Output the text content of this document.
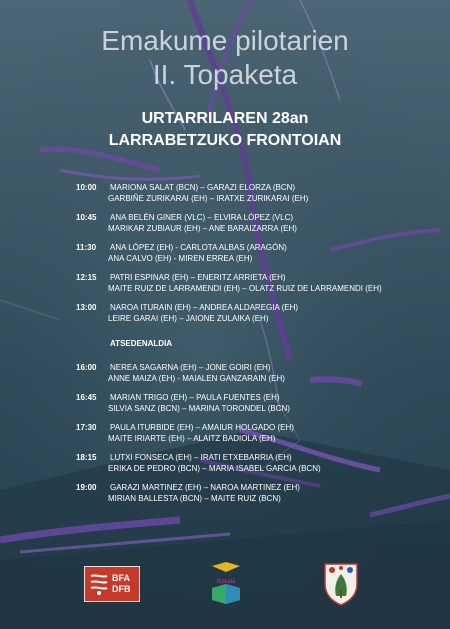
Emakume pilotarien
II. Topaketa
URTARRILAREN 28an
LARRABETZUKO FRONTOIAN
10:00 MARIONA SALAT (BCN) – GARAZI ELORZA (BCN)
GARBIÑE ZURIKARAI (EH) – IRATXE ZURIKARAI (EH)
10:45 ANA BELÉN GINER (VLC) – ELVIRA LÓPEZ (VLC)
MARIKAR ZUBIAUR (EH) – ANE BARAIZARRA (EH)
11:30 ANA LÓPEZ (EH) - CARLOTA ALBAS (ARAGÓN)
ANA CALVO (EH) - MIREN ERREA (EH)
12:15 PATRI ESPINAR (EH) – ENERITZ ARRIETA (EH)
MAITE RUIZ DE LARRAMENDI (EH) – OLATZ RUIZ DE LARRAMENDI (EH)
13:00 NAROA ITURAIN (EH) – ANDREA ALDAREGIA (EH)
LEIRE GARAI (EH) – JAIONE ZULAIKA (EH)
ATSEDENALDIA
16:00 NEREA SAGARNA (EH) – JONE GOIRI (EH)
ANNE MAIZA (EH) - MAIALEN GANZARAIN (EH)
16:45 MARIAN TRIGO (EH) – PAULA FUENTES (EH)
SILVIA SANZ (BCN) – MARINA TORONDEL (BCN)
17:30 PAULA ITURBIDE (EH) – AMAIUR HOLGADO (EH)
MAITE IRIARTE (EH) – ALAITZ BADIOLA (EH)
18:15 LUTXI FONSECA (EH) – IRATI ETXEBARRIA (EH)
ERIKA DE PEDRO (BCN) – MARIA ISABEL GARCIA (BCN)
19:00 GARAZI MARTINEZ (EH) – NAROA MARTINEZ (EH)
MIRIAN BALLESTA (BCN) – MAITE RUIZ (BCN)
BFA
DFB
bizkaia
